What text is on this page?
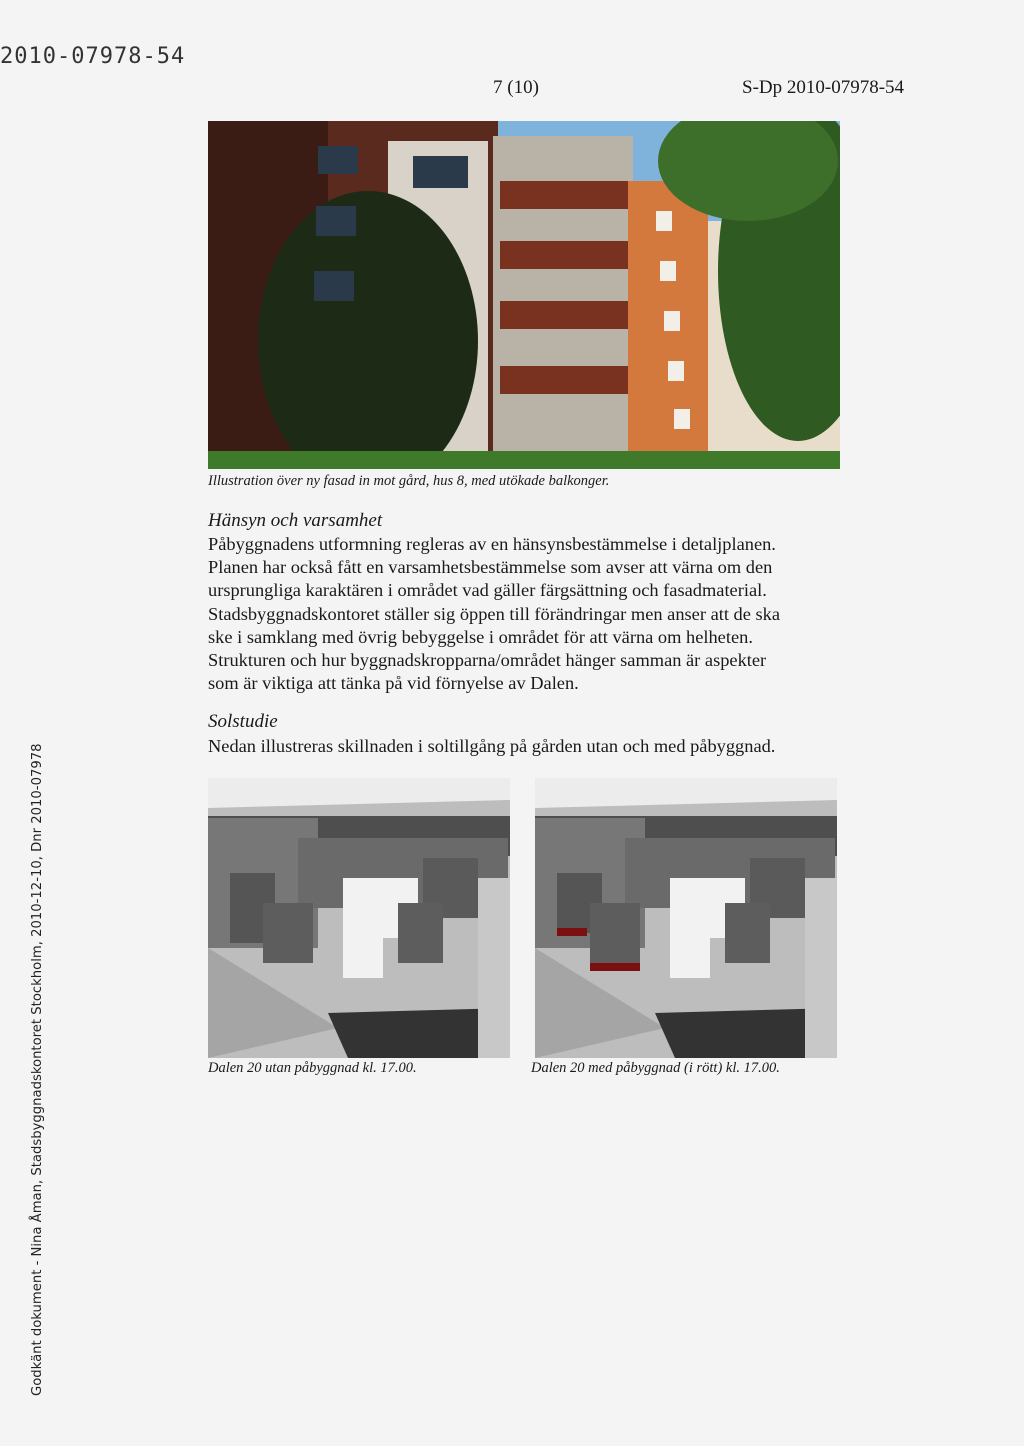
2010-07978-54
7 (10)	S-Dp 2010-07978-54
Godkänt dokument - Nina Åman, Stadsbyggnadskontoret Stockholm, 2010-12-10, Dnr 2010-07978
Illustration över ny fasad in mot gård, hus 8, med utökade balkonger.
Hänsyn och varsamhet

Påbyggnadens utformning regleras av en hänsynsbestämmelse i detaljplanen.

Planen har också fått en varsamhetsbestämmelse som avser att värna om den

ursprungliga karaktären i området vad gäller färgsättning och fasadmaterial.

Stadsbyggnadskontoret ställer sig öppen till förändringar men anser att de ska

ske i samklang med övrig bebyggelse i området för att värna om helheten.

Strukturen och hur byggnadskropparna/området hänger samman är aspekter

som är viktiga att tänka på vid förnyelse av Dalen.

Solstudie

Nedan illustreras skillnaden i soltillgång på gården utan och med påbyggnad.

Dalen 20 utan påbyggnad kl. 17.00.	Dalen 20 med påbyggnad (i rött) kl. 17.00.
